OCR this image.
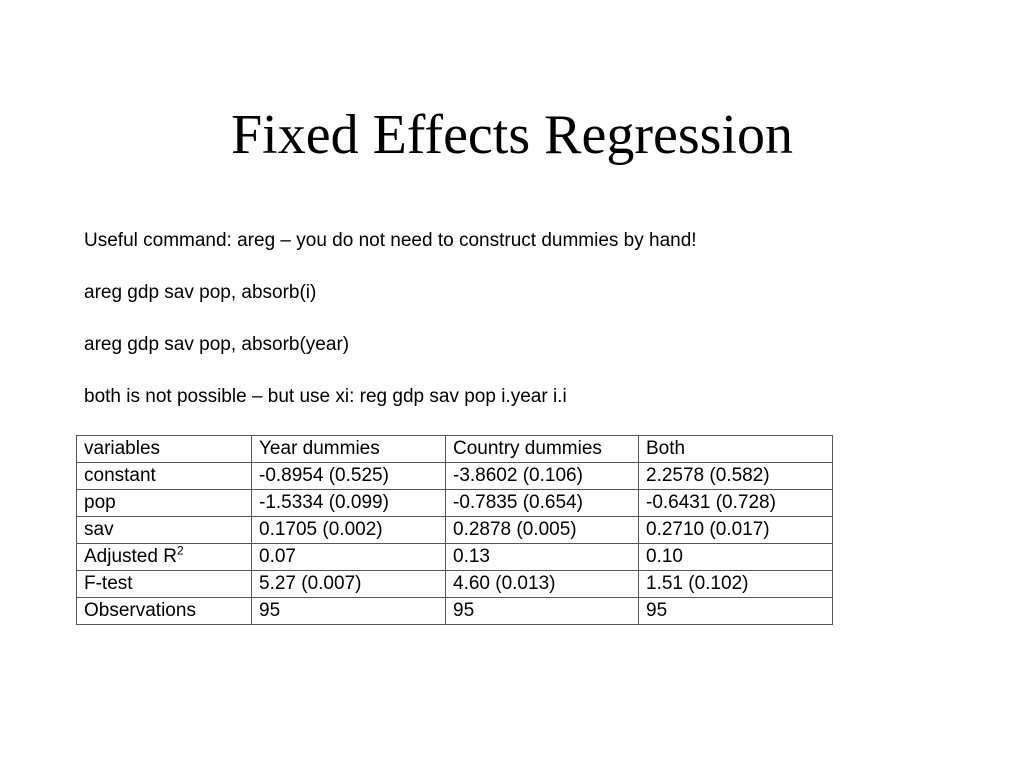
Fixed Effects Regression
Useful command: areg – you do not need to construct dummies by hand!
areg gdp sav pop, absorb(i)
areg gdp sav pop, absorb(year)
both is not possible – but use xi: reg gdp sav pop i.year i.i
variables	Year dummies	Country dummies	Both
constant	-0.8954 (0.525)	-3.8602 (0.106)	2.2578 (0.582)
pop	-1.5334 (0.099)	-0.7835 (0.654)	-0.6431 (0.728)
sav	0.1705 (0.002)	0.2878 (0.005)	0.2710 (0.017)
Adjusted $R^2$	0.07	0.13	0.10
F-test	5.27 (0.007)	4.60 (0.013)	1.51 (0.102)
Observations	95	95	95
